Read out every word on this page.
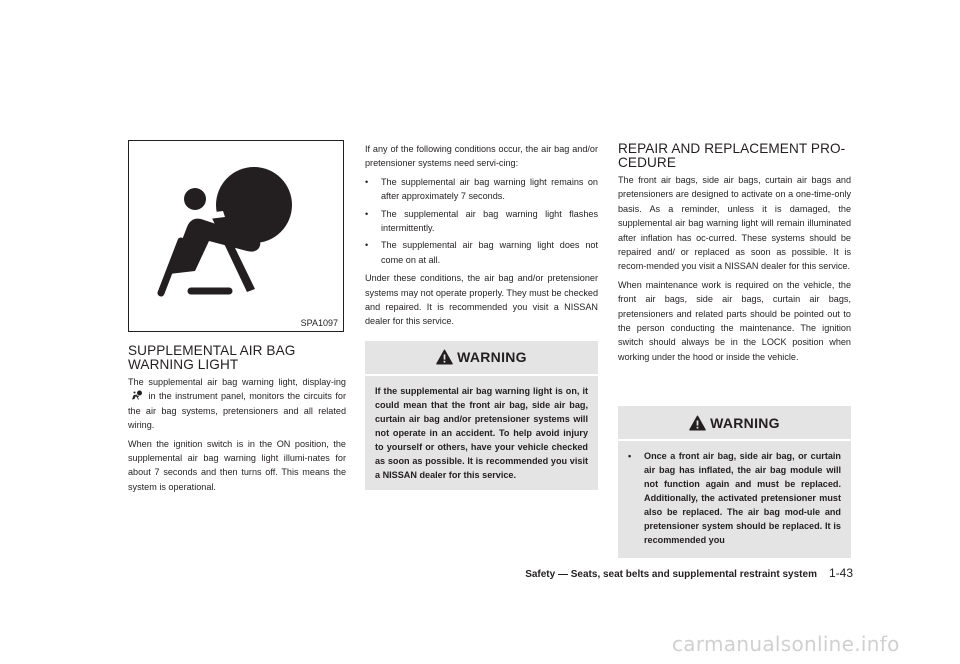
SPA1097
SUPPLEMENTAL AIR BAG WARNING LIGHT

The supplemental air bag warning light, display-ing  in the instrument panel, monitors the circuits for the air bag systems, pretensioners and all related wiring.

When the ignition switch is in the ON position, the supplemental air bag warning light illumi-nates for about 7 seconds and then turns off. This means the system is operational.

If any of the following conditions occur, the air bag and/or pretensioner systems need servi-cing:

• The supplemental air bag warning light remains on after approximately 7 seconds.
• The supplemental air bag warning light flashes intermittently.
• The supplemental air bag warning light does not come on at all.

Under these conditions, the air bag and/or pretensioner systems may not operate properly. They must be checked and repaired. It is recommended you visit a NISSAN dealer for this service.

WARNING
If the supplemental air bag warning light is on, it could mean that the front air bag, side air bag, curtain air bag and/or pretensioner systems will not operate in an accident. To help avoid injury to yourself or others, have your vehicle checked as soon as possible. It is recommended you visit a NISSAN dealer for this service.
REPAIR AND REPLACEMENT PRO-CEDURE

The front air bags, side air bags, curtain air bags and pretensioners are designed to activate on a one-time-only basis. As a reminder, unless it is damaged, the supplemental air bag warning light will remain illuminated after inflation has oc-curred. These systems should be repaired and/ or replaced as soon as possible. It is recom-mended you visit a NISSAN dealer for this service.

When maintenance work is required on the vehicle, the front air bags, side air bags, curtain air bags, pretensioners and related parts should be pointed out to the person conducting the maintenance. The ignition switch should always be in the LOCK position when working under the hood or inside the vehicle.

WARNING
• Once a front air bag, side air bag, or curtain air bag has inflated, the air bag module will not function again and must be replaced. Additionally, the activated pretensioner must also be replaced. The air bag mod-ule and pretensioner system should be replaced. It is recommended you
Safety — Seats, seat belts and supplemental restraint system 1-43
carmanualsonline.info
